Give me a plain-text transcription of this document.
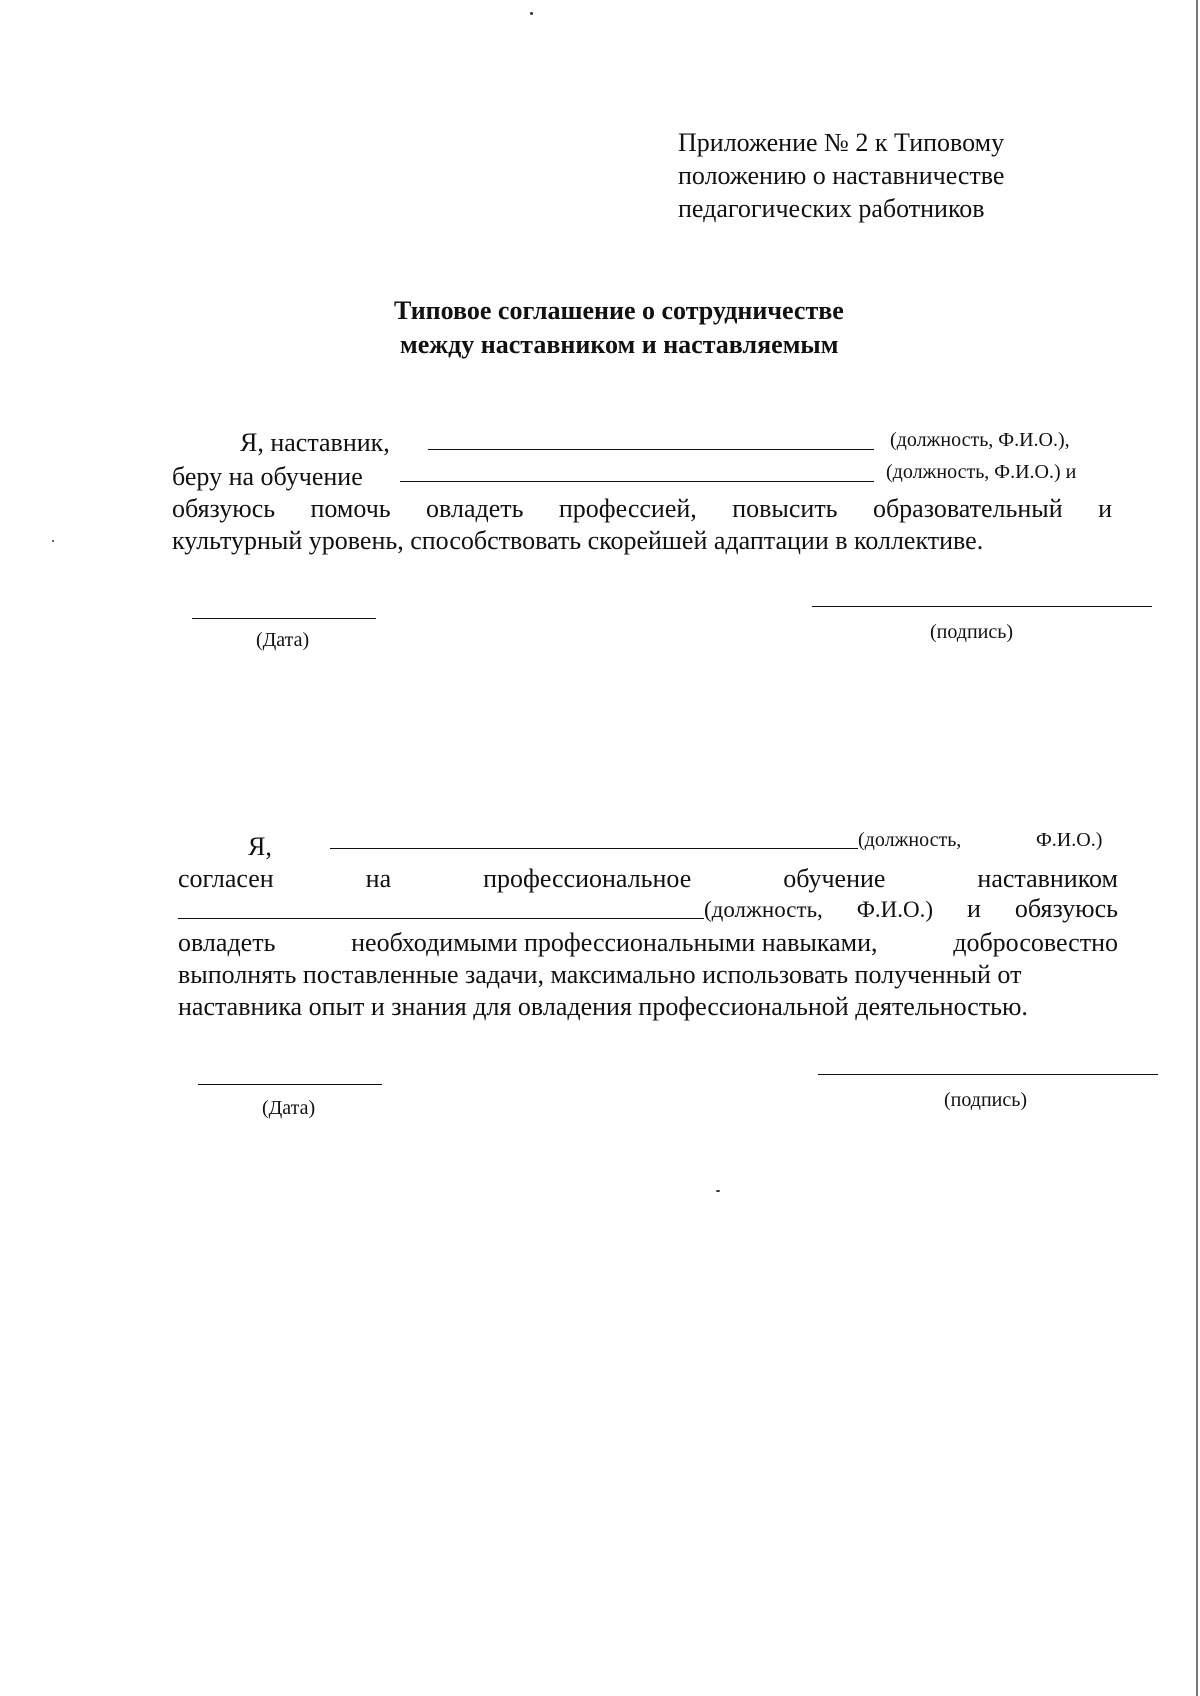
Приложение № 2 к Типовому
положению о наставничестве
педагогических работников
Типовое соглашение о сотрудничестве
между наставником и наставляемым
Я, наставник,	(должность, Ф.И.О.),
беру на обучение	(должность, Ф.И.О.) и
обязуюсь помочь овладеть профессией, повысить образовательный и
культурный уровень, способствовать скорейшей адаптации в коллективе.
(Дата)	(подпись)
Я,	(должность,	Ф.И.О.)
согласен	на	профессиональное	обучение	наставником
(должность, Ф.И.О.) и обязуюсь
овладеть	необходимыми профессиональными навыками,	добросовестно
выполнять поставленные задачи, максимально использовать полученный от
наставника опыт и знания для овладения профессиональной деятельностью.
(Дата)	(подпись)
